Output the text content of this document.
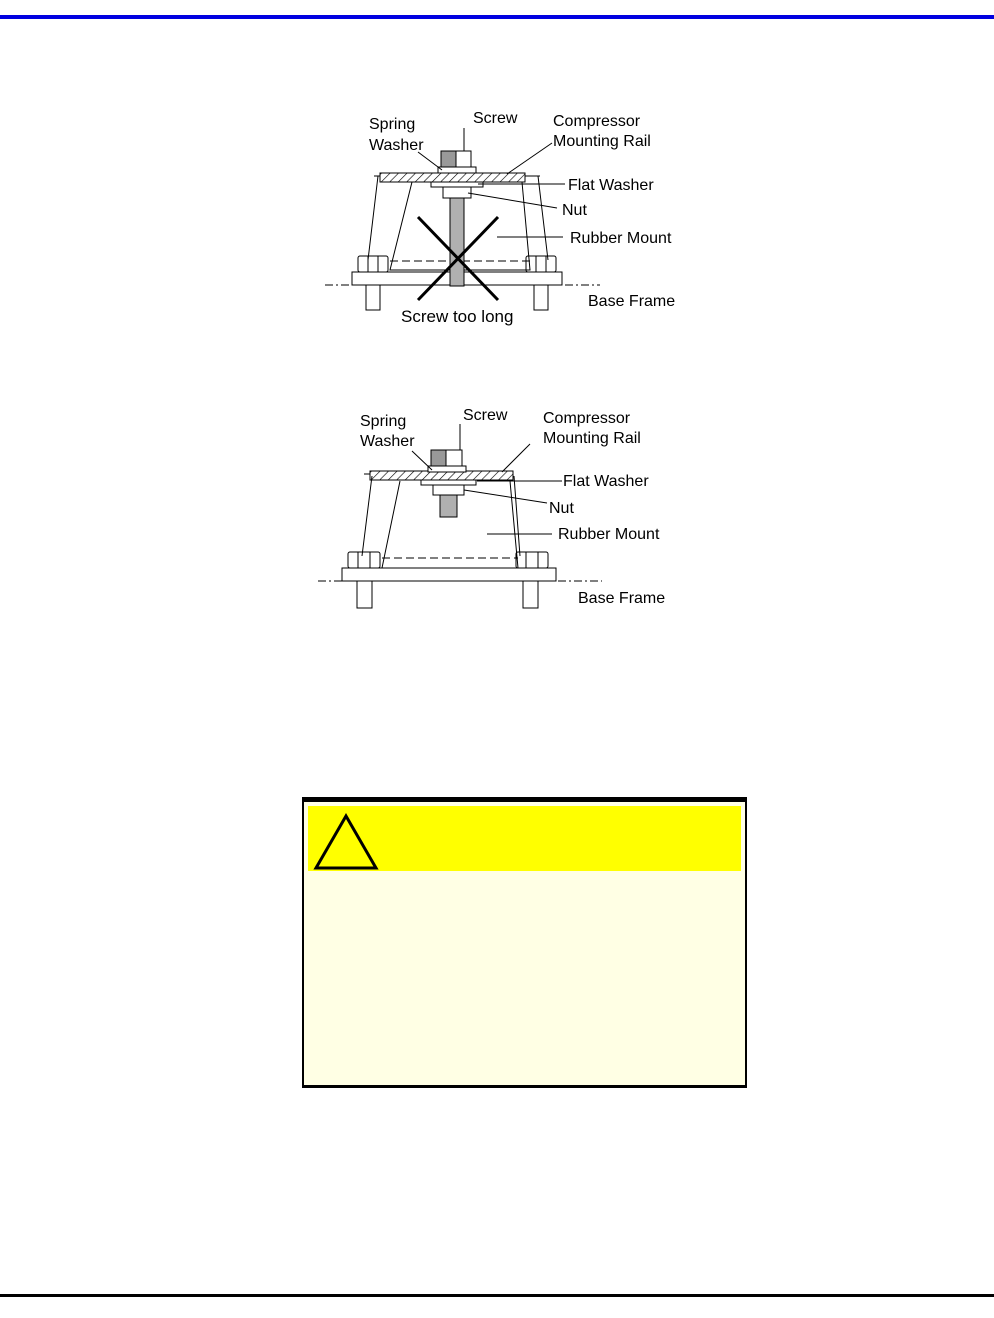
Spring
Washer
Screw Compressor
Mounting Rail
Flat Washer
Nut
Rubber Mount
Base Frame
Screw too long
Spring
Washer
Screw Compressor
Mounting Rail
Flat Washer
Nut
Rubber Mount
Base Frame
